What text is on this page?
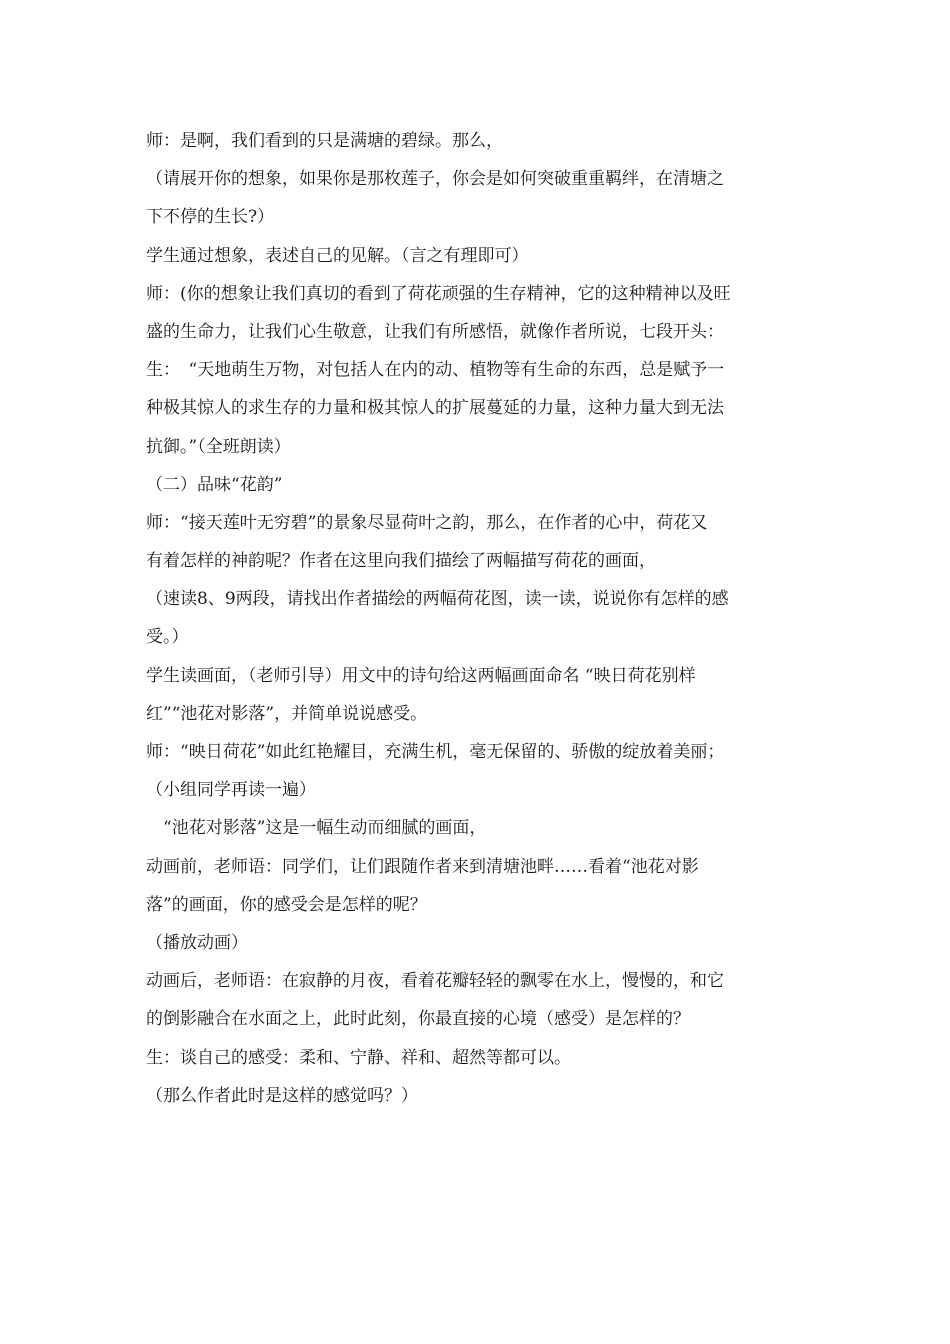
师：是啊，我们看到的只是满塘的碧绿。那么，
（请展开你的想象，如果你是那枚莲子，你会是如何突破重重羁绊，在清塘之
下不停的生长?）
学生通过想象，表述自己的见解。（言之有理即可）
师：(你的想象让我们真切的看到了荷花顽强的生存精神，它的这种精神以及旺
盛的生命力，让我们心生敬意，让我们有所感悟，就像作者所说，七段开头：
生：　“天地萌生万物，对包括人在内的动、植物等有生命的东西，总是赋予一
种极其惊人的求生存的力量和极其惊人的扩展蔓延的力量，这种力量大到无法
抗御。”（全班朗读）
（二）品味“花韵”
师：“接天莲叶无穷碧”的景象尽显荷叶之韵，那么，在作者的心中，荷花又
有着怎样的神韵呢？作者在这里向我们描绘了两幅描写荷花的画面，
（速读8、9两段，请找出作者描绘的两幅荷花图，读一读，说说你有怎样的感
受。）
学生读画面，（老师引导）用文中的诗句给这两幅画面命名 “映日荷花别样
红”“池花对影落”，并简单说说感受。
师：“映日荷花”如此红艳耀目，充满生机，毫无保留的、骄傲的绽放着美丽；
（小组同学再读一遍）
　“池花对影落”这是一幅生动而细腻的画面，
动画前，老师语：同学们，让们跟随作者来到清塘池畔……看着“池花对影
落”的画面，你的感受会是怎样的呢？
（播放动画）
动画后，老师语：在寂静的月夜，看着花瓣轻轻的飘零在水上，慢慢的，和它
的倒影融合在水面之上，此时此刻，你最直接的心境（感受）是怎样的？
生：谈自己的感受：柔和、宁静、祥和、超然等都可以。
（那么作者此时是这样的感觉吗？）
